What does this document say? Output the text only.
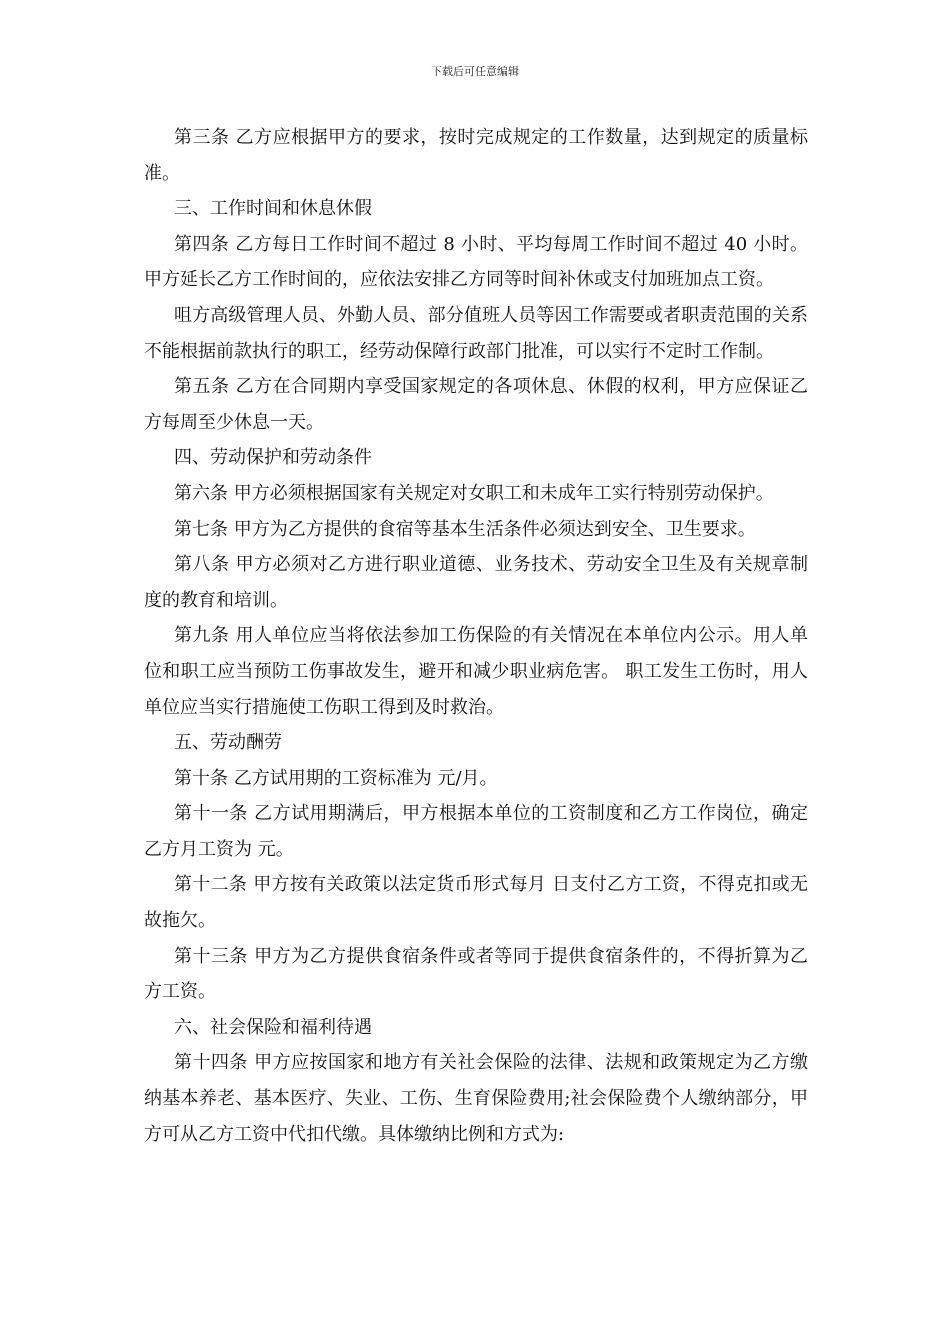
下载后可任意编辑

第三条 乙方应根据甲方的要求，按时完成规定的工作数量，达到规定的质量标准。

三、工作时间和休息休假

第四条 乙方每日工作时间不超过 8 小时、平均每周工作时间不超过 40 小时。甲方延长乙方工作时间的，应依法安排乙方同等时间补休或支付加班加点工资。

咀方高级管理人员、外勤人员、部分值班人员等因工作需要或者职责范围的关系不能根据前款执行的职工，经劳动保障行政部门批准，可以实行不定时工作制。

第五条 乙方在合同期内享受国家规定的各项休息、休假的权利，甲方应保证乙方每周至少休息一天。

四、劳动保护和劳动条件

第六条 甲方必须根据国家有关规定对女职工和未成年工实行特别劳动保护。

第七条 甲方为乙方提供的食宿等基本生活条件必须达到安全、卫生要求。

第八条 甲方必须对乙方进行职业道德、业务技术、劳动安全卫生及有关规章制度的教育和培训。

第九条 用人单位应当将依法参加工伤保险的有关情况在本单位内公示。用人单位和职工应当预防工伤事故发生，避开和减少职业病危害。 职工发生工伤时，用人单位应当实行措施使工伤职工得到及时救治。

五、劳动酬劳

第十条 乙方试用期的工资标准为 元/月。

第十一条 乙方试用期满后，甲方根据本单位的工资制度和乙方工作岗位，确定乙方月工资为 元。

第十二条 甲方按有关政策以法定货币形式每月 日支付乙方工资，不得克扣或无故拖欠。

第十三条 甲方为乙方提供食宿条件或者等同于提供食宿条件的，不得折算为乙方工资。

六、社会保险和福利待遇

第十四条 甲方应按国家和地方有关社会保险的法律、法规和政策规定为乙方缴纳基本养老、基本医疗、失业、工伤、生育保险费用;社会保险费个人缴纳部分，甲方可从乙方工资中代扣代缴。具体缴纳比例和方式为:
